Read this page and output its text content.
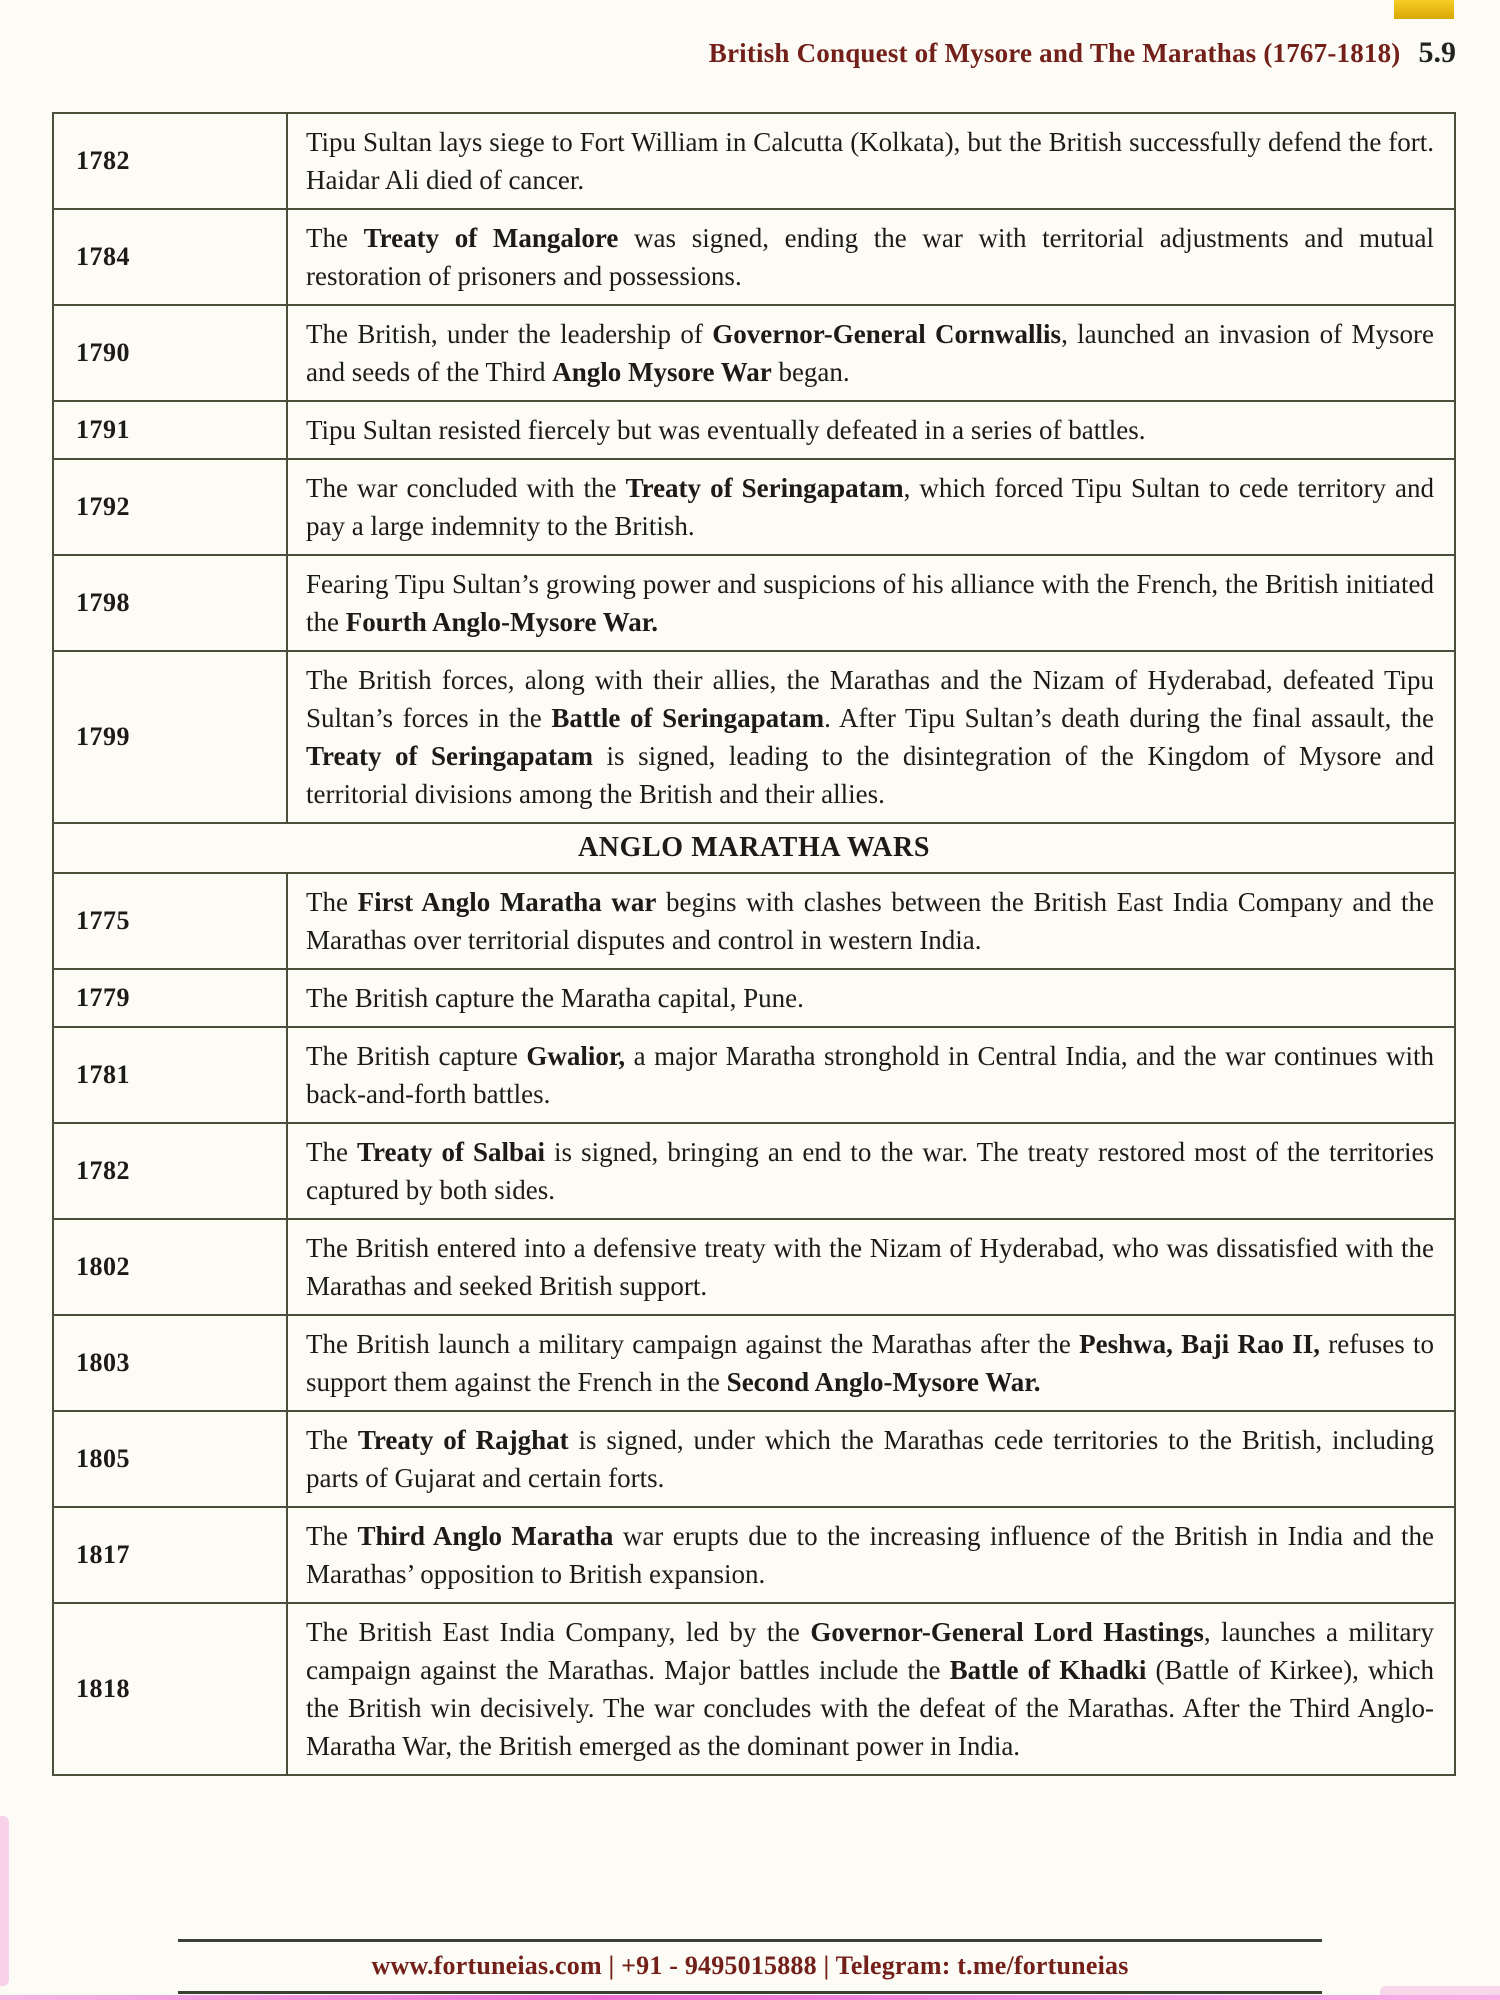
British Conquest of Mysore and The Marathas (1767-1818) 5.9
1782	Tipu Sultan lays siege to Fort William in Calcutta (Kolkata), but the British successfully defend the fort. Haidar Ali died of cancer.
1784	The Treaty of Mangalore was signed, ending the war with territorial adjustments and mutual restoration of prisoners and possessions.
1790	The British, under the leadership of Governor-General Cornwallis, launched an invasion of Mysore and seeds of the Third Anglo Mysore War began.
1791	Tipu Sultan resisted fiercely but was eventually defeated in a series of battles.
1792	The war concluded with the Treaty of Seringapatam, which forced Tipu Sultan to cede territory and pay a large indemnity to the British.
1798	Fearing Tipu Sultan’s growing power and suspicions of his alliance with the French, the British initiated the Fourth Anglo-Mysore War.
1799	The British forces, along with their allies, the Marathas and the Nizam of Hyderabad, defeated Tipu Sultan’s forces in the Battle of Seringapatam. After Tipu Sultan’s death during the final assault, the Treaty of Seringapatam is signed, leading to the disintegration of the Kingdom of Mysore and territorial divisions among the British and their allies.
ANGLO MARATHA WARS	
1775	The First Anglo Maratha war begins with clashes between the British East India Company and the Marathas over territorial disputes and control in western India.
1779	The British capture the Maratha capital, Pune.
1781	The British capture Gwalior, a major Maratha stronghold in Central India, and the war continues with back-and-forth battles.
1782	The Treaty of Salbai is signed, bringing an end to the war. The treaty restored most of the territories captured by both sides.
1802	The British entered into a defensive treaty with the Nizam of Hyderabad, who was dissatisfied with the Marathas and seeked British support.
1803	The British launch a military campaign against the Marathas after the Peshwa, Baji Rao II, refuses to support them against the French in the Second Anglo-Mysore War.
1805	The Treaty of Rajghat is signed, under which the Marathas cede territories to the British, including parts of Gujarat and certain forts.
1817	The Third Anglo Maratha war erupts due to the increasing influence of the British in India and the Marathas’ opposition to British expansion.
1818	The British East India Company, led by the Governor-General Lord Hastings, launches a military campaign against the Marathas. Major battles include the Battle of Khadki (Battle of Kirkee), which the British win decisively. The war concludes with the defeat of the Marathas. After the Third Anglo-Maratha War, the British emerged as the dominant power in India.
www.fortuneias.com | +91 - 9495015888 | Telegram: t.me/fortuneias
